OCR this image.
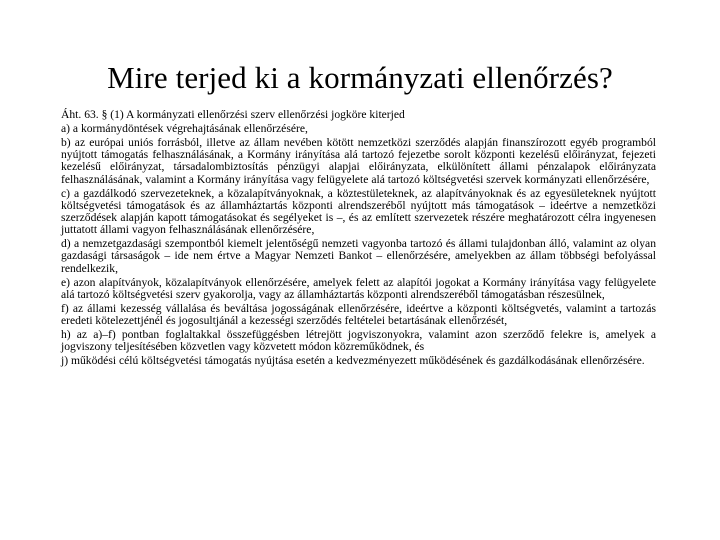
Mire terjed ki a kormányzati ellenőrzés?

Áht. 63. § (1) A kormányzati ellenőrzési szerv ellenőrzési jogköre kiterjed

a) a kormánydöntések végrehajtásának ellenőrzésére,

b) az európai uniós forrásból, illetve az állam nevében kötött nemzetközi szerződés alapján finanszírozott egyéb programból nyújtott támogatás felhasználásának, a Kormány irányítása alá tartozó fejezetbe sorolt központi kezelésű előirányzat, fejezeti kezelésű előirányzat, társadalombiztosítás pénzügyi alapjai előirányzata, elkülönített állami pénzalapok előirányzata felhasználásának, valamint a Kormány irányítása vagy felügyelete alá tartozó költségvetési szervek kormányzati ellenőrzésére,

c) a gazdálkodó szervezeteknek, a közalapítványoknak, a köztestületeknek, az alapítványoknak és az egyesületeknek nyújtott költségvetési támogatások és az államháztartás központi alrendszeréből nyújtott más támogatások – ideértve a nemzetközi szerződések alapján kapott támogatásokat és segélyeket is –, és az említett szervezetek részére meghatározott célra ingyenesen juttatott állami vagyon felhasználásának ellenőrzésére,

d) a nemzetgazdasági szempontból kiemelt jelentőségű nemzeti vagyonba tartozó és állami tulajdonban álló, valamint az olyan gazdasági társaságok – ide nem értve a Magyar Nemzeti Bankot – ellenőrzésére, amelyekben az állam többségi befolyással rendelkezik,

e) azon alapítványok, közalapítványok ellenőrzésére, amelyek felett az alapítói jogokat a Kormány irányítása vagy felügyelete alá tartozó költségvetési szerv gyakorolja, vagy az államháztartás központi alrendszeréből támogatásban részesülnek,

f) az állami kezesség vállalása és beváltása jogosságának ellenőrzésére, ideértve a központi költségvetés, valamint a tartozás eredeti kötelezettjénél és jogosultjánál a kezességi szerződés feltételei betartásának ellenőrzését,

h) az a)–f) pontban foglaltakkal összefüggésben létrejött jogviszonyokra, valamint azon szerződő felekre is, amelyek a jogviszony teljesítésében közvetlen vagy közvetett módon közreműködnek, és

j) működési célú költségvetési támogatás nyújtása esetén a kedvezményezett működésének és gazdálkodásának ellenőrzésére.
